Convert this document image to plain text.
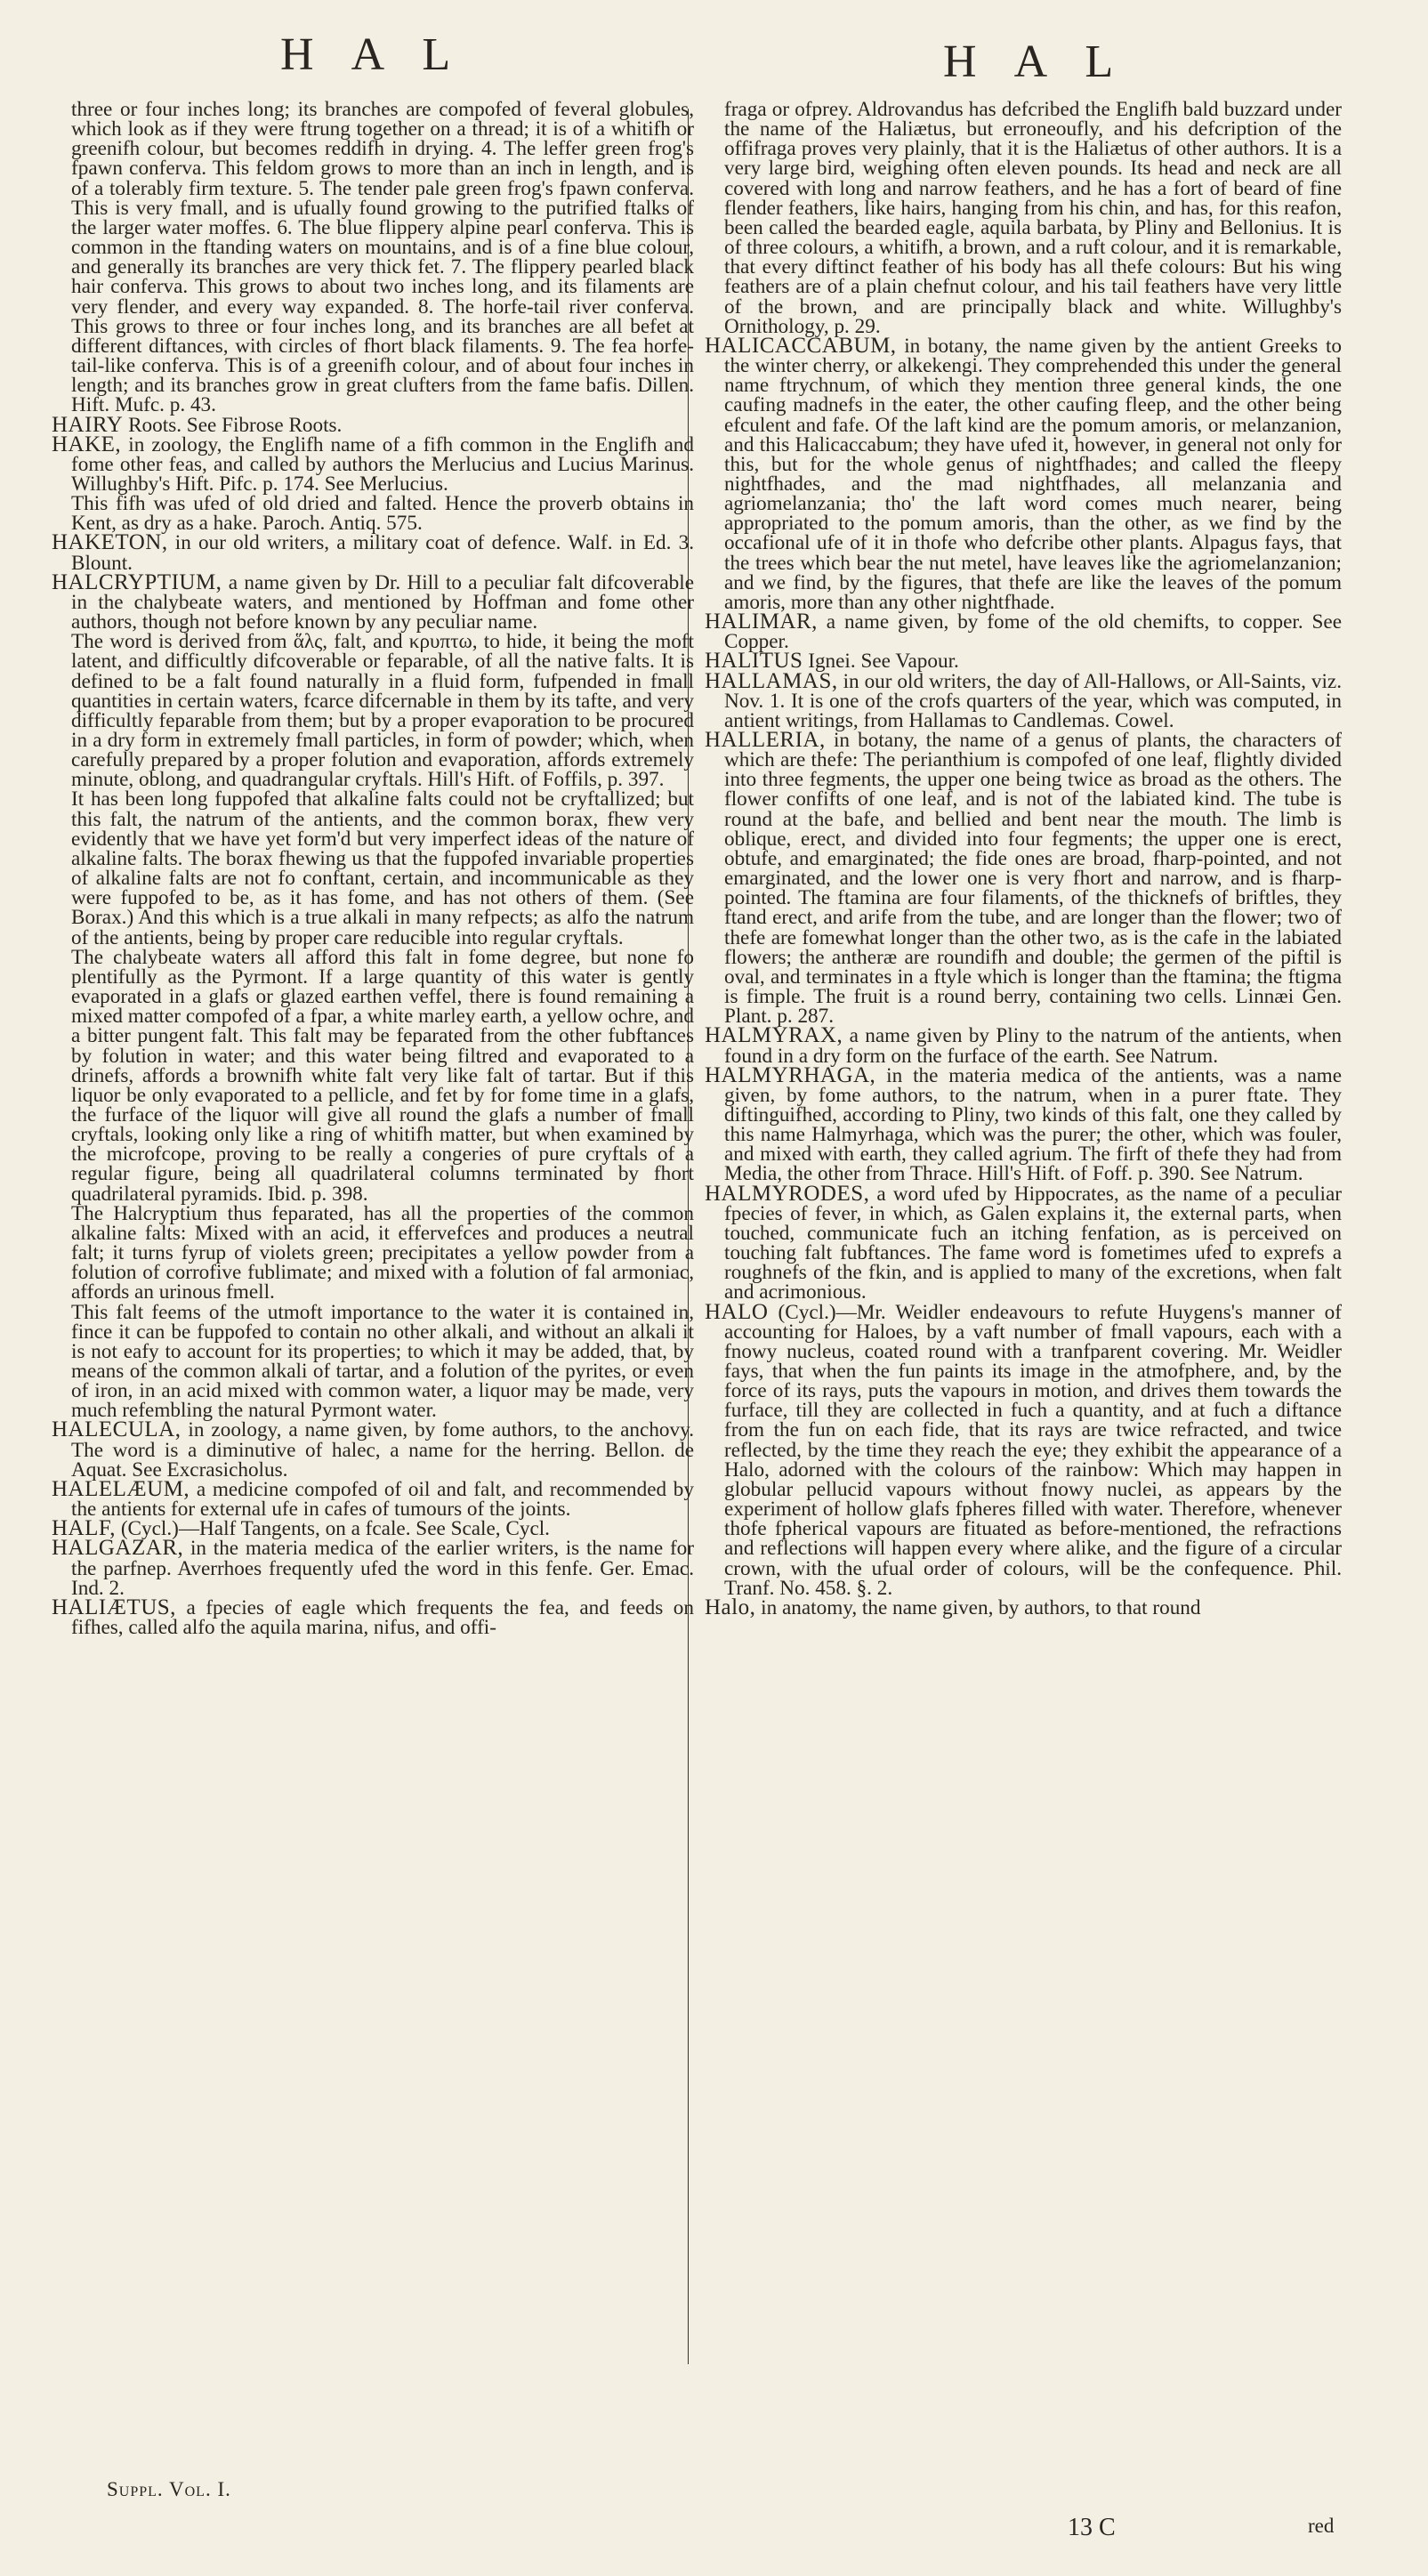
H A L	H A L

three or four inches long; its branches are compofed of feveral globules, which look as if they were ftrung together on a thread; it is of a whitifh or greenifh colour, but becomes reddifh in drying. 4. The leffer green frog's fpawn conferva. This feldom grows to more than an inch in length, and is of a tolerably firm texture. 5. The tender pale green frog's fpawn conferva. This is very fmall, and is ufually found growing to the putrified ftalks of the larger water moffes. 6. The blue flippery alpine pearl conferva. This is common in the ftanding waters on mountains, and is of a fine blue colour, and generally its branches are very thick fet. 7. The flippery pearled black hair conferva. This grows to about two inches long, and its filaments are very flender, and every way expanded. 8. The horfe-tail river conferva. This grows to three or four inches long, and its branches are all befet at different diftances, with circles of fhort black filaments. 9. The fea horfe-tail-like conferva. This is of a greenifh colour, and of about four inches in length; and its branches grow in great clufters from the fame bafis. Dillen. Hift. Mufc. p. 43.

HAIRY Roots. See Fibrose Roots.

HAKE, in zoology, the Englifh name of a fifh common in the Englifh and fome other feas, and called by authors the Merlucius and Lucius Marinus. Willughby's Hift. Pifc. p. 174. See Merlucius.

This fifh was ufed of old dried and falted. Hence the proverb obtains in Kent, as dry as a hake. Paroch. Antiq. 575.

HAKETON, in our old writers, a military coat of defence. Walf. in Ed. 3. Blount.

HALCRYPTIUM, a name given by Dr. Hill to a peculiar falt difcoverable in the chalybeate waters, and mentioned by Hoffman and fome other authors, though not before known by any peculiar name.

The word is derived from ἅλς, falt, and κρυπτω, to hide, it being the moft latent, and difficultly difcoverable or feparable, of all the native falts. It is defined to be a falt found naturally in a fluid form, fufpended in fmall quantities in certain waters, fcarce difcernable in them by its tafte, and very difficultly feparable from them; but by a proper evaporation to be procured in a dry form in extremely fmall particles, in form of powder; which, when carefully prepared by a proper folution and evaporation, affords extremely minute, oblong, and quadrangular cryftals. Hill's Hift. of Foffils, p. 397.

It has been long fuppofed that alkaline falts could not be cryftallized; but this falt, the natrum of the antients, and the common borax, fhew very evidently that we have yet form'd but very imperfect ideas of the nature of alkaline falts. The borax fhewing us that the fuppofed invariable properties of alkaline falts are not fo conftant, certain, and incommunicable as they were fuppofed to be, as it has fome, and has not others of them. (See Borax.) And this which is a true alkali in many refpects; as alfo the natrum of the antients, being by proper care reducible into regular cryftals.

The chalybeate waters all afford this falt in fome degree, but none fo plentifully as the Pyrmont. If a large quantity of this water is gently evaporated in a glafs or glazed earthen veffel, there is found remaining a mixed matter compofed of a fpar, a white marley earth, a yellow ochre, and a bitter pungent falt. This falt may be feparated from the other fubftances by folution in water; and this water being filtred and evaporated to a drinefs, affords a brownifh white falt very like falt of tartar. But if this liquor be only evaporated to a pellicle, and fet by for fome time in a glafs, the furface of the liquor will give all round the glafs a number of fmall cryftals, looking only like a ring of whitifh matter, but when examined by the microfcope, proving to be really a congeries of pure cryftals of a regular figure, being all quadrilateral columns terminated by fhort quadrilateral pyramids. Ibid. p. 398.

The Halcryptium thus feparated, has all the properties of the common alkaline falts: Mixed with an acid, it effervefces and produces a neutral falt; it turns fyrup of violets green; precipitates a yellow powder from a folution of corrofive fublimate; and mixed with a folution of fal armoniac, affords an urinous fmell.

This falt feems of the utmoft importance to the water it is contained in, fince it can be fuppofed to contain no other alkali, and without an alkali it is not eafy to account for its properties; to which it may be added, that, by means of the common alkali of tartar, and a folution of the pyrites, or even of iron, in an acid mixed with common water, a liquor may be made, very much refembling the natural Pyrmont water.

HALECULA, in zoology, a name given, by fome authors, to the anchovy. The word is a diminutive of halec, a name for the herring. Bellon. de Aquat. See Excrasicholus.

HALELÆUM, a medicine compofed of oil and falt, and recommended by the antients for external ufe in cafes of tumours of the joints.

HALF, (Cycl.)—Half Tangents, on a fcale. See Scale, Cycl.

HALGAZAR, in the materia medica of the earlier writers, is the name for the parfnep. Averrhoes frequently ufed the word in this fenfe. Ger. Emac. Ind. 2.

HALIÆTUS, a fpecies of eagle which frequents the fea, and feeds on fifhes, called alfo the aquila marina, nifus, and offi-

fraga or ofprey. Aldrovandus has defcribed the Englifh bald buzzard under the name of the Haliætus, but erroneoufly, and his defcription of the offifraga proves very plainly, that it is the Haliætus of other authors. It is a very large bird, weighing often eleven pounds. Its head and neck are all covered with long and narrow feathers, and he has a fort of beard of fine flender feathers, like hairs, hanging from his chin, and has, for this reafon, been called the bearded eagle, aquila barbata, by Pliny and Bellonius. It is of three colours, a whitifh, a brown, and a ruft colour, and it is remarkable, that every diftinct feather of his body has all thefe colours: But his wing feathers are of a plain chefnut colour, and his tail feathers have very little of the brown, and are principally black and white. Willughby's Ornithology, p. 29.

HALICACCABUM, in botany, the name given by the antient Greeks to the winter cherry, or alkekengi. They comprehended this under the general name ftrychnum, of which they mention three general kinds, the one caufing madnefs in the eater, the other caufing fleep, and the other being efculent and fafe. Of the laft kind are the pomum amoris, or melanzanion, and this Halicaccabum; they have ufed it, however, in general not only for this, but for the whole genus of nightfhades; and called the fleepy nightfhades, and the mad nightfhades, all melanzania and agriomelanzania; tho' the laft word comes much nearer, being appropriated to the pomum amoris, than the other, as we find by the occafional ufe of it in thofe who defcribe other plants. Alpagus fays, that the trees which bear the nut metel, have leaves like the agriomelanzanion; and we find, by the figures, that thefe are like the leaves of the pomum amoris, more than any other nightfhade.

HALIMAR, a name given, by fome of the old chemifts, to copper. See Copper.

HALITUS Ignei. See Vapour.

HALLAMAS, in our old writers, the day of All-Hallows, or All-Saints, viz. Nov. 1. It is one of the crofs quarters of the year, which was computed, in antient writings, from Hallamas to Candlemas. Cowel.

HALLERIA, in botany, the name of a genus of plants, the characters of which are thefe: The perianthium is compofed of one leaf, flightly divided into three fegments, the upper one being twice as broad as the others. The flower confifts of one leaf, and is not of the labiated kind. The tube is round at the bafe, and bellied and bent near the mouth. The limb is oblique, erect, and divided into four fegments; the upper one is erect, obtufe, and emarginated; the fide ones are broad, fharp-pointed, and not emarginated, and the lower one is very fhort and narrow, and is fharp-pointed. The ftamina are four filaments, of the thicknefs of briftles, they ftand erect, and arife from the tube, and are longer than the flower; two of thefe are fomewhat longer than the other two, as is the cafe in the labiated flowers; the antheræ are roundifh and double; the germen of the piftil is oval, and terminates in a ftyle which is longer than the ftamina; the ftigma is fimple. The fruit is a round berry, containing two cells. Linnæi Gen. Plant. p. 287.

HALMYRAX, a name given by Pliny to the natrum of the antients, when found in a dry form on the furface of the earth. See Natrum.

HALMYRHAGA, in the materia medica of the antients, was a name given, by fome authors, to the natrum, when in a purer ftate. They diftinguifhed, according to Pliny, two kinds of this falt, one they called by this name Halmyrhaga, which was the purer; the other, which was fouler, and mixed with earth, they called agrium. The firft of thefe they had from Media, the other from Thrace. Hill's Hift. of Foff. p. 390. See Natrum.

HALMYRODES, a word ufed by Hippocrates, as the name of a peculiar fpecies of fever, in which, as Galen explains it, the external parts, when touched, communicate fuch an itching fenfation, as is perceived on touching falt fubftances. The fame word is fometimes ufed to exprefs a roughnefs of the fkin, and is applied to many of the excretions, when falt and acrimonious.

HALO (Cycl.)—Mr. Weidler endeavours to refute Huygens's manner of accounting for Haloes, by a vaft number of fmall vapours, each with a fnowy nucleus, coated round with a tranfparent covering. Mr. Weidler fays, that when the fun paints its image in the atmofphere, and, by the force of its rays, puts the vapours in motion, and drives them towards the furface, till they are collected in fuch a quantity, and at fuch a diftance from the fun on each fide, that its rays are twice refracted, and twice reflected, by the time they reach the eye; they exhibit the appearance of a Halo, adorned with the colours of the rainbow: Which may happen in globular pellucid vapours without fnowy nuclei, as appears by the experiment of hollow glafs fpheres filled with water. Therefore, whenever thofe fpherical vapours are fituated as before-mentioned, the refractions and reflections will happen every where alike, and the figure of a circular crown, with the ufual order of colours, will be the confequence. Phil. Tranf. No. 458. §. 2.

Halo, in anatomy, the name given, by authors, to that round

Suppl. Vol. I.
13 C	red
